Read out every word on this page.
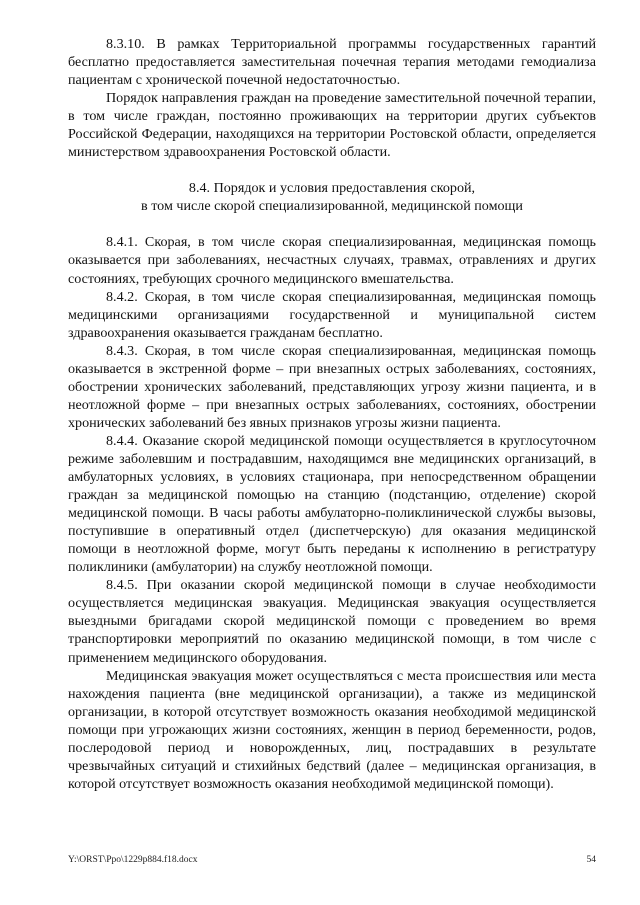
8.3.10. В рамках Территориальной программы государственных гарантий бесплатно предоставляется заместительная почечная терапия методами гемодиализа пациентам с хронической почечной недостаточностью.

Порядок направления граждан на проведение заместительной почечной терапии, в том числе граждан, постоянно проживающих на территории других субъектов Российской Федерации, находящихся на территории Ростовской области, определяется министерством здравоохранения Ростовской области.

8.4. Порядок и условия предоставления скорой,

в том числе скорой специализированной, медицинской помощи

8.4.1. Скорая, в том числе скорая специализированная, медицинская помощь оказывается при заболеваниях, несчастных случаях, травмах, отравлениях и других состояниях, требующих срочного медицинского вмешательства.

8.4.2. Скорая, в том числе скорая специализированная, медицинская помощь медицинскими организациями государственной и муниципальной систем здравоохранения оказывается гражданам бесплатно.

8.4.3. Скорая, в том числе скорая специализированная, медицинская помощь оказывается в экстренной форме – при внезапных острых заболеваниях, состояниях, обострении хронических заболеваний, представляющих угрозу жизни пациента, и в неотложной форме – при внезапных острых заболеваниях, состояниях, обострении хронических заболеваний без явных признаков угрозы жизни пациента.

8.4.4. Оказание скорой медицинской помощи осуществляется в круглосуточном режиме заболевшим и пострадавшим, находящимся вне медицинских организаций, в амбулаторных условиях, в условиях стационара, при непосредственном обращении граждан за медицинской помощью на станцию (подстанцию, отделение) скорой медицинской помощи. В часы работы амбулаторно-поликлинической службы вызовы, поступившие в оперативный отдел (диспетчерскую) для оказания медицинской помощи в неотложной форме, могут быть переданы к исполнению в регистратуру поликлиники (амбулатории) на службу неотложной помощи.

8.4.5. При оказании скорой медицинской помощи в случае необходимости осуществляется медицинская эвакуация. Медицинская эвакуация осуществляется выездными бригадами скорой медицинской помощи с проведением во время транспортировки мероприятий по оказанию медицинской помощи, в том числе с применением медицинского оборудования.

Медицинская эвакуация может осуществляться с места происшествия или места нахождения пациента (вне медицинской организации), а также из медицинской организации, в которой отсутствует возможность оказания необходимой медицинской помощи при угрожающих жизни состояниях, женщин в период беременности, родов, послеродовой период и новорожденных, лиц, пострадавших в результате чрезвычайных ситуаций и стихийных бедствий (далее – медицинская организация, в которой отсутствует возможность оказания необходимой медицинской помощи).

Y:\ORST\Ppo\1229p884.f18.docx	54
